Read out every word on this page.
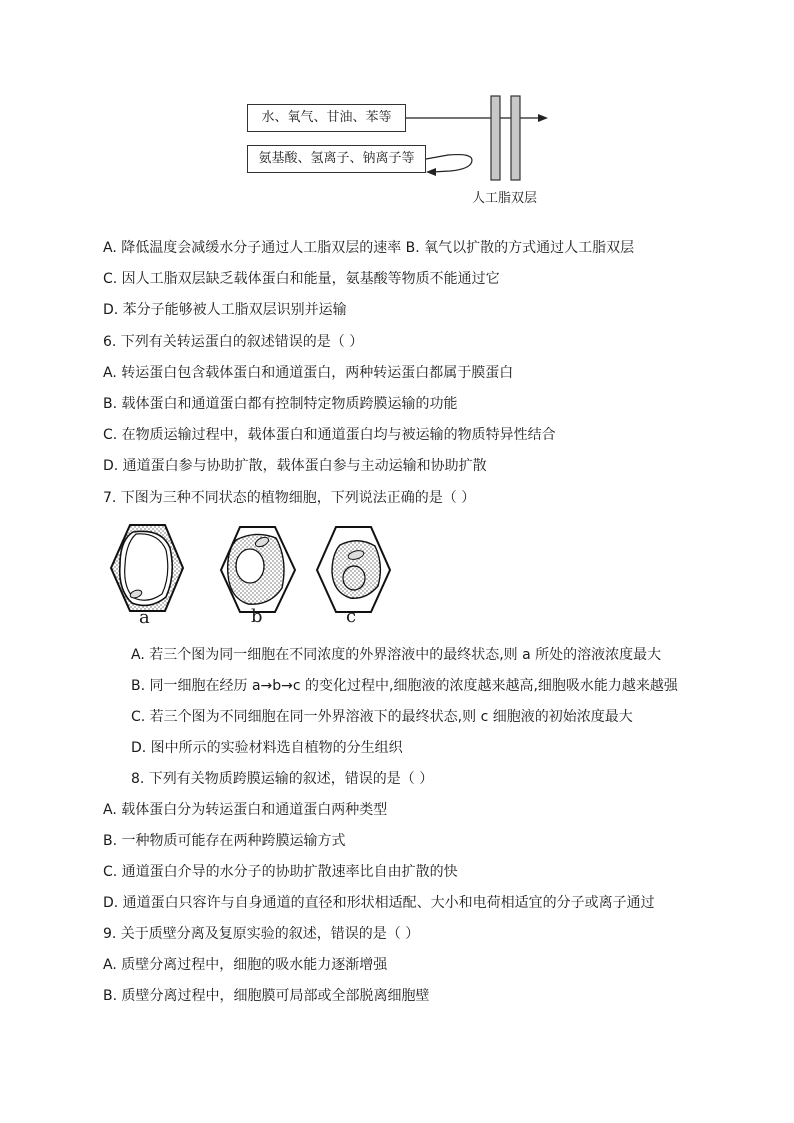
水、氧气、甘油、苯等
氨基酸、氢离子、钠离子等
人工脂双层
A. 降低温度会减缓水分子通过人工脂双层的速率 B. 氧气以扩散的方式通过人工脂双层
C. 因人工脂双层缺乏载体蛋白和能量，氨基酸等物质不能通过它
D. 苯分子能够被人工脂双层识别并运输
6. 下列有关转运蛋白的叙述错误的是（ ）
A. 转运蛋白包含载体蛋白和通道蛋白，两种转运蛋白都属于膜蛋白
B. 载体蛋白和通道蛋白都有控制特定物质跨膜运输的功能
C. 在物质运输过程中，载体蛋白和通道蛋白均与被运输的物质特异性结合
D. 通道蛋白参与协助扩散，载体蛋白参与主动运输和协助扩散
7. 下图为三种不同状态的植物细胞，下列说法正确的是（ ）
a	b	c
A. 若三个图为同一细胞在不同浓度的外界溶液中的最终状态,则 a 所处的溶液浓度最大
B. 同一细胞在经历 a→b→c 的变化过程中,细胞液的浓度越来越高,细胞吸水能力越来越强
C. 若三个图为不同细胞在同一外界溶液下的最终状态,则 c 细胞液的初始浓度最大
D. 图中所示的实验材料选自植物的分生组织
8. 下列有关物质跨膜运输的叙述，错误的是（ ）
A. 载体蛋白分为转运蛋白和通道蛋白两种类型
B. 一种物质可能存在两种跨膜运输方式
C. 通道蛋白介导的水分子的协助扩散速率比自由扩散的快
D. 通道蛋白只容许与自身通道的直径和形状相适配、大小和电荷相适宜的分子或离子通过
9. 关于质壁分离及复原实验的叙述，错误的是（ ）
A. 质壁分离过程中，细胞的吸水能力逐渐增强
B. 质壁分离过程中，细胞膜可局部或全部脱离细胞壁
